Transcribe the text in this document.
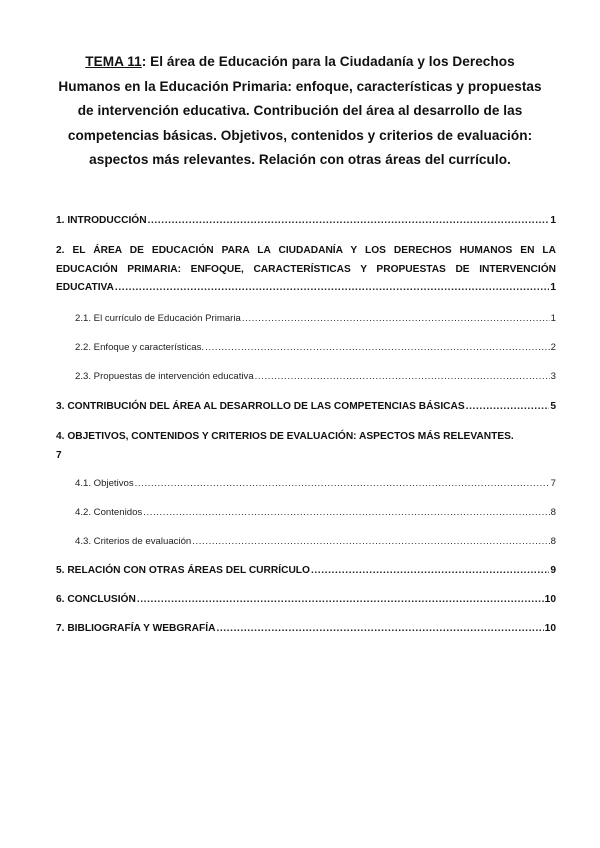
TEMA 11: El área de Educación para la Ciudadanía y los Derechos
Humanos en la Educación Primaria: enfoque, características y propuestas
de intervención educativa. Contribución del área al desarrollo de las
competencias básicas. Objetivos, contenidos y criterios de evaluación:
aspectos más relevantes. Relación con otras áreas del currículo.
1. INTRODUCCIÓN .....	1
2. EL ÁREA DE EDUCACIÓN PARA LA CIUDADANÍA Y LOS DERECHOS HUMANOS EN LA
EDUCACIÓN PRIMARIA: ENFOQUE, CARACTERÍSTICAS Y PROPUESTAS DE INTERVENCIÓN
EDUCATIVA .....	1
2.1. El currículo de Educación Primaria .....	1
2.2. Enfoque y características. .....	2
2.3. Propuestas de intervención educativa .....	3
3. CONTRIBUCIÓN DEL ÁREA AL DESARROLLO DE LAS COMPETENCIAS BÁSICAS .....	5
4. OBJETIVOS, CONTENIDOS Y CRITERIOS DE EVALUACIÓN: ASPECTOS MÁS RELEVANTES.
7
4.1. Objetivos .....	7
4.2. Contenidos .....	8
4.3. Criterios de evaluación .....	8
5. RELACIÓN CON OTRAS ÁREAS DEL CURRÍCULO .....	9
6. CONCLUSIÓN .....	10
7. BIBLIOGRAFÍA Y WEBGRAFÍA .....	10
